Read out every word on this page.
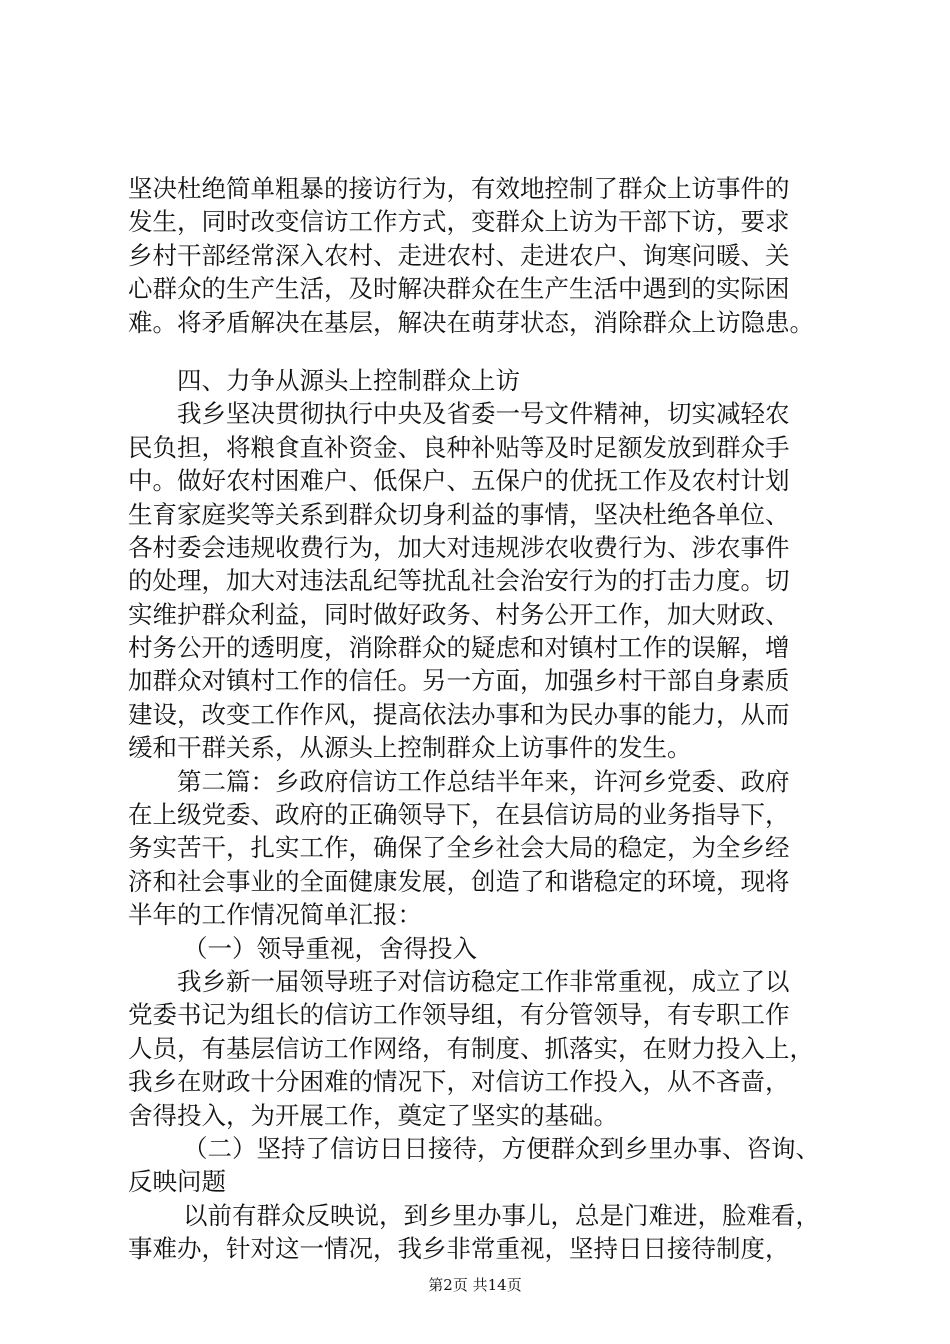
坚决杜绝简单粗暴的接访行为，有效地控制了群众上访事件的
发生，同时改变信访工作方式，变群众上访为干部下访，要求
乡村干部经常深入农村、走进农村、走进农户、询寒问暖、关
心群众的生产生活，及时解决群众在生产生活中遇到的实际困
难。将矛盾解决在基层，解决在萌芽状态，消除群众上访隐患。
四、力争从源头上控制群众上访
我乡坚决贯彻执行中央及省委一号文件精神，切实减轻农
民负担，将粮食直补资金、良种补贴等及时足额发放到群众手
中。做好农村困难户、低保户、五保户的优抚工作及农村计划
生育家庭奖等关系到群众切身利益的事情，坚决杜绝各单位、
各村委会违规收费行为，加大对违规涉农收费行为、涉农事件
的处理，加大对违法乱纪等扰乱社会治安行为的打击力度。切
实维护群众利益，同时做好政务、村务公开工作，加大财政、
村务公开的透明度，消除群众的疑虑和对镇村工作的误解，增
加群众对镇村工作的信任。另一方面，加强乡村干部自身素质
建设，改变工作作风，提高依法办事和为民办事的能力，从而
缓和干群关系，从源头上控制群众上访事件的发生。
第二篇：乡政府信访工作总结半年来，许河乡党委、政府
在上级党委、政府的正确领导下，在县信访局的业务指导下，
务实苦干，扎实工作，确保了全乡社会大局的稳定，为全乡经
济和社会事业的全面健康发展，创造了和谐稳定的环境，现将
半年的工作情况简单汇报：
（一）领导重视，舍得投入
我乡新一届领导班子对信访稳定工作非常重视，成立了以
党委书记为组长的信访工作领导组，有分管领导，有专职工作
人员，有基层信访工作网络，有制度、抓落实，在财力投入上，
我乡在财政十分困难的情况下，对信访工作投入，从不吝啬，
舍得投入，为开展工作，奠定了坚实的基础。
（二）坚持了信访日日接待，方便群众到乡里办事、咨询、
反映问题
以前有群众反映说，到乡里办事儿，总是门难进，脸难看，
事难办，针对这一情况，我乡非常重视，坚持日日接待制度，
第2页 共14页
